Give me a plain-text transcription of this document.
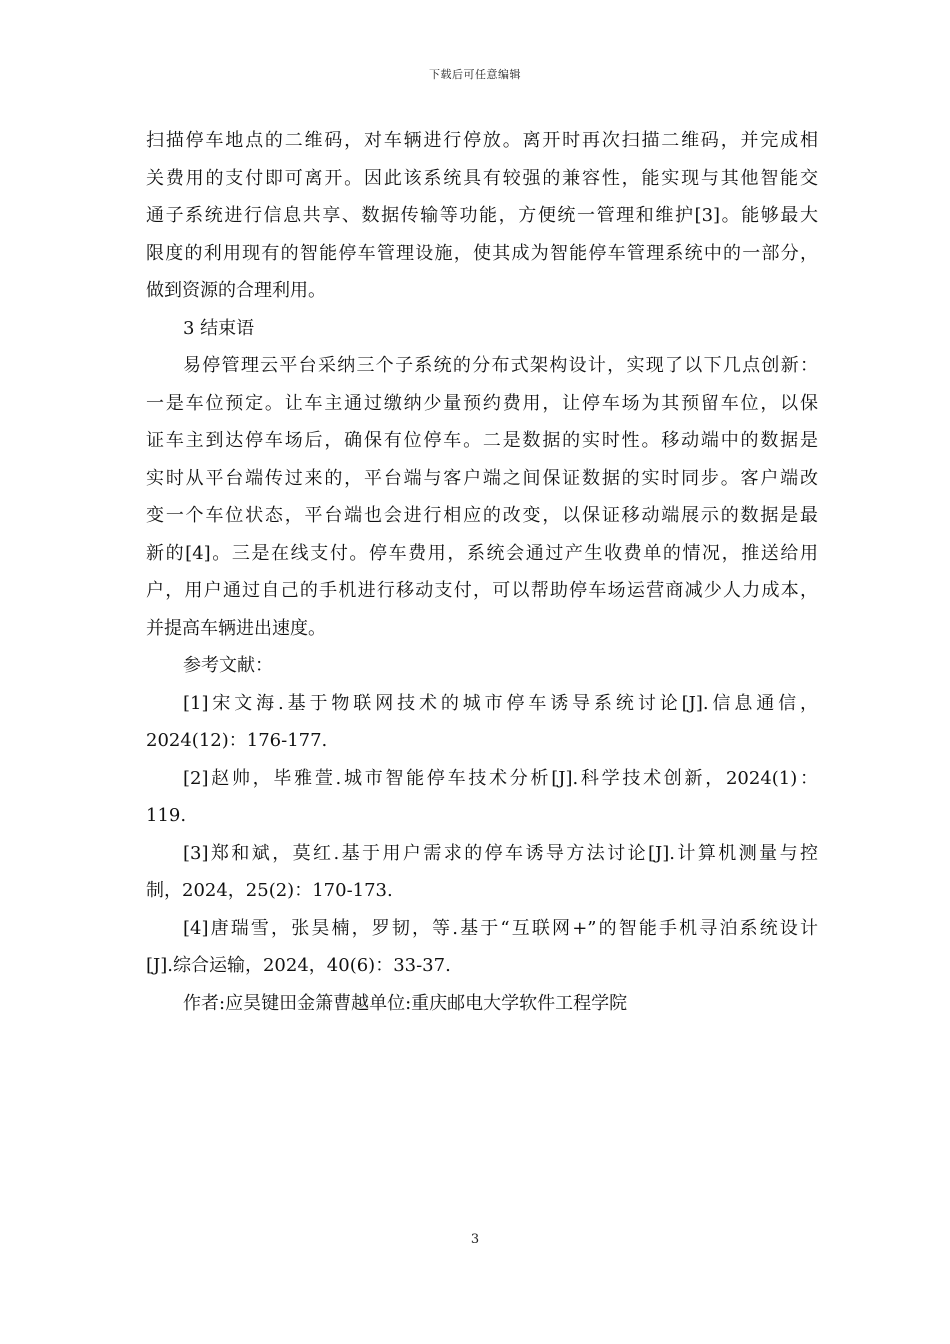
下载后可任意编辑
扫描停车地点的二维码，对车辆进行停放。离开时再次扫描二维码，并完成相
关费用的支付即可离开。因此该系统具有较强的兼容性，能实现与其他智能交
通子系统进行信息共享、数据传输等功能，方便统一管理和维护[3]。能够最大
限度的利用现有的智能停车管理设施，使其成为智能停车管理系统中的一部分，
做到资源的合理利用。
3 结束语
易停管理云平台采纳三个子系统的分布式架构设计，实现了以下几点创新：
一是车位预定。让车主通过缴纳少量预约费用，让停车场为其预留车位，以保
证车主到达停车场后，确保有位停车。二是数据的实时性。移动端中的数据是
实时从平台端传过来的，平台端与客户端之间保证数据的实时同步。客户端改
变一个车位状态，平台端也会进行相应的改变，以保证移动端展示的数据是最
新的[4]。三是在线支付。停车费用，系统会通过产生收费单的情况，推送给用
户，用户通过自己的手机进行移动支付，可以帮助停车场运营商减少人力成本，
并提高车辆进出速度。
参考文献：
[1]宋文海.基于物联网技术的城市停车诱导系统讨论[J].信息通信，
2024(12)：176-177.
[2]赵帅，毕雅萱.城市智能停车技术分析[J].科学技术创新，2024(1)：
119.
[3]郑和斌，莫红.基于用户需求的停车诱导方法讨论[J].计算机测量与控
制，2024，25(2)：170-173.
[4]唐瑞雪，张昊楠，罗韧，等.基于“互联网+”的智能手机寻泊系统设计
[J].综合运输，2024，40(6)：33-37.
作者:应昊键田金箫曹越单位:重庆邮电大学软件工程学院
3
